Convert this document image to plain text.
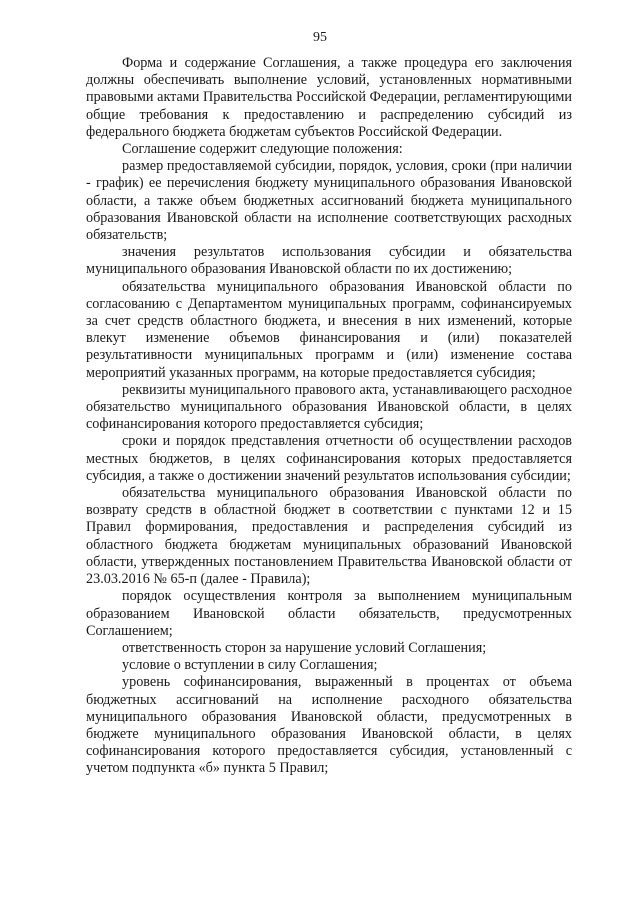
95

Форма и содержание Соглашения, а также процедура его заключения должны обеспечивать выполнение условий, установленных нормативными правовыми актами Правительства Российской Федерации, регламентирующими общие требования к предоставлению и распределению субсидий из федерального бюджета бюджетам субъектов Российской Федерации.

Соглашение содержит следующие положения:

размер предоставляемой субсидии, порядок, условия, сроки (при наличии - график) ее перечисления бюджету муниципального образования Ивановской области, а также объем бюджетных ассигнований бюджета муниципального образования Ивановской области на исполнение соответствующих расходных обязательств;

значения результатов использования субсидии и обязательства муниципального образования Ивановской области по их достижению;

обязательства муниципального образования Ивановской области по согласованию с Департаментом муниципальных программ, софинансируемых за счет средств областного бюджета, и внесения в них изменений, которые влекут изменение объемов финансирования и (или) показателей результативности муниципальных программ и (или) изменение состава мероприятий указанных программ, на которые предоставляется субсидия;

реквизиты муниципального правового акта, устанавливающего расходное обязательство муниципального образования Ивановской области, в целях софинансирования которого предоставляется субсидия;

сроки и порядок представления отчетности об осуществлении расходов местных бюджетов, в целях софинансирования которых предоставляется субсидия, а также о достижении значений результатов использования субсидии;

обязательства муниципального образования Ивановской области по возврату средств в областной бюджет в соответствии с пунктами 12 и 15 Правил формирования, предоставления и распределения субсидий из областного бюджета бюджетам муниципальных образований Ивановской области, утвержденных постановлением Правительства Ивановской области от 23.03.2016 № 65-п (далее - Правила);

порядок осуществления контроля за выполнением муниципальным образованием Ивановской области обязательств, предусмотренных Соглашением;

ответственность сторон за нарушение условий Соглашения;

условие о вступлении в силу Соглашения;

уровень софинансирования, выраженный в процентах от объема бюджетных ассигнований на исполнение расходного обязательства муниципального образования Ивановской области, предусмотренных в бюджете муниципального образования Ивановской области, в целях софинансирования которого предоставляется субсидия, установленный с учетом подпункта «б» пункта 5 Правил;
